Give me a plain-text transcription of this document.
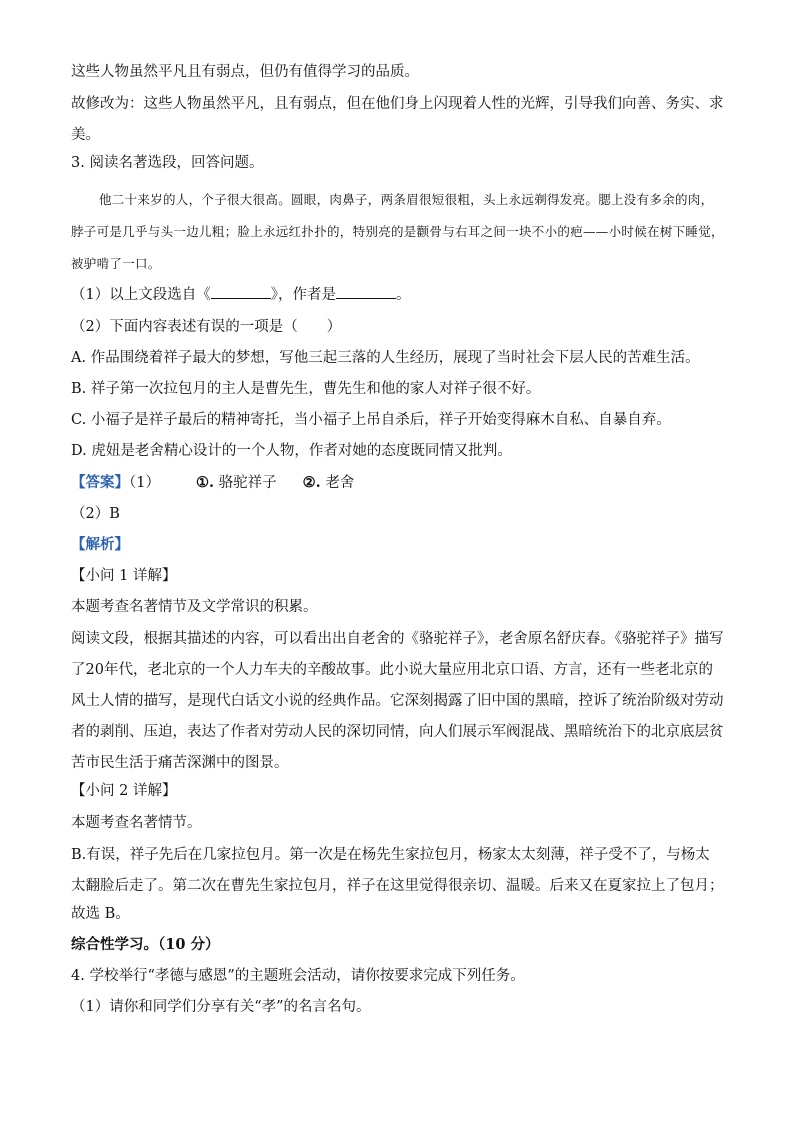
这些人物虽然平凡且有弱点，但仍有值得学习的品质。
故修改为：这些人物虽然平凡，且有弱点，但在他们身上闪现着人性的光辉，引导我们向善、务实、求美。
3. 阅读名著选段，回答问题。
他二十来岁的人，个子很大很高。圆眼，肉鼻子，两条眉很短很粗，头上永远剃得发亮。腮上没有多余的肉，脖子可是几乎与头一边儿粗；脸上永远红扑扑的，特别亮的是颧骨与右耳之间一块不小的疤——小时候在树下睡觉，被驴啃了一口。
（1）以上文段选自《	》，作者是	。
（2）下面内容表述有误的一项是（　　）
A. 作品围绕着祥子最大的梦想，写他三起三落的人生经历，展现了当时社会下层人民的苦难生活。
B. 祥子第一次拉包月的主人是曹先生，曹先生和他的家人对祥子很不好。
C. 小福子是祥子最后的精神寄托，当小福子上吊自杀后，祥子开始变得麻木自私、自暴自弃。
D. 虎妞是老舍精心设计的一个人物，作者对她的态度既同情又批判。
【答案】（1） ①. 骆驼祥子 ②. 老舍
（2）B
【解析】
【小问 1 详解】
本题考查名著情节及文学常识的积累。
阅读文段，根据其描述的内容，可以看出出自老舍的《骆驼祥子》，老舍原名舒庆春。《骆驼祥子》描写了20年代，老北京的一个人力车夫的辛酸故事。此小说大量应用北京口语、方言，还有一些老北京的风土人情的描写，是现代白话文小说的经典作品。它深刻揭露了旧中国的黑暗，控诉了统治阶级对劳动者的剥削、压迫，表达了作者对劳动人民的深切同情，向人们展示军阀混战、黑暗统治下的北京底层贫苦市民生活于痛苦深渊中的图景。
【小问 2 详解】
本题考查名著情节。
B.有误，祥子先后在几家拉包月。第一次是在杨先生家拉包月，杨家太太刻薄，祥子受不了，与杨太太翻脸后走了。第二次在曹先生家拉包月，祥子在这里觉得很亲切、温暖。后来又在夏家拉上了包月；
故选 B。
综合性学习。（10 分）
4. 学校举行“孝德与感恩”的主题班会活动，请你按要求完成下列任务。
（1）请你和同学们分享有关“孝”的名言名句。
